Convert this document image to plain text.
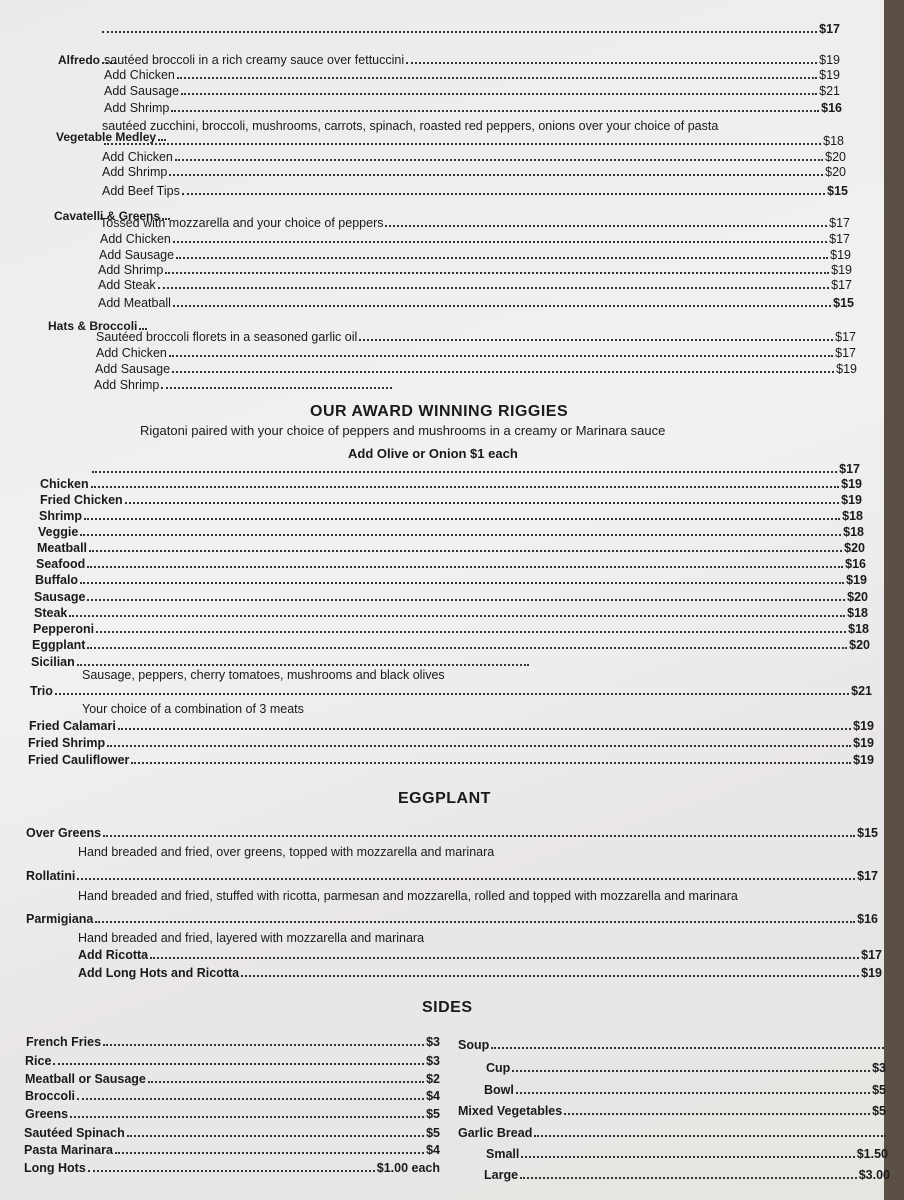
$17
Alfredo sautéed broccoli in a rich creamy sauce over fettuccini	$19
Add Chicken	$19
Add Sausage	$21
Add Shrimp	$16
Vegetable Medley
sautéed zucchini, broccoli, mushrooms, carrots, spinach, roasted red peppers, onions over your choice of pasta
$18
Add Chicken	$20
Add Shrimp	$20
Add Beef Tips	$15
Cavatelli & Greens
Tossed with mozzarella and your choice of peppers	$17
Add Chicken	$17
Add Sausage	$19
Add Shrimp	$19
Add Steak	$17
Add Meatball	$15
Hats & Broccoli
Sautéed broccoli florets in a seasoned garlic oil	$17
Add Chicken	$17
Add Sausage	$19
Add Shrimp
OUR AWARD WINNING RIGGIES
Rigatoni paired with your choice of peppers and mushrooms in a creamy or Marinara sauce
Add Olive or Onion $1 each
$17
Chicken	$19
Fried Chicken	$19
Shrimp	$18
Veggie	$18
Meatball	$20
Seafood	$16
Buffalo	$19
Sausage	$20
Steak	$18
Pepperoni	$18
Eggplant	$20
Sicilian
Sausage, peppers, cherry tomatoes, mushrooms and black olives
Trio	$21
Your choice of a combination of 3 meats
Fried Calamari	$19
Fried Shrimp	$19
Fried Cauliflower	$19
EGGPLANT
Over Greens	$15
Hand breaded and fried, over greens, topped with mozzarella and marinara
Rollatini	$17
Hand breaded and fried, stuffed with ricotta, parmesan and mozzarella, rolled and topped with mozzarella and marinara
Parmigiana	$16
Hand breaded and fried, layered with mozzarella and marinara
Add Ricotta	$17
Add Long Hots and Ricotta	$19
SIDES
French Fries	$3
Rice	$3
Meatball or Sausage	$2
Broccoli	$4
Greens	$5
Sautéed Spinach	$5
Pasta Marinara	$4
Long Hots	$1.00 each
Soup
Cup	$3
Bowl	$5
Mixed Vegetables	$5
Garlic Bread
Small	$1.50
Large	$3.00
